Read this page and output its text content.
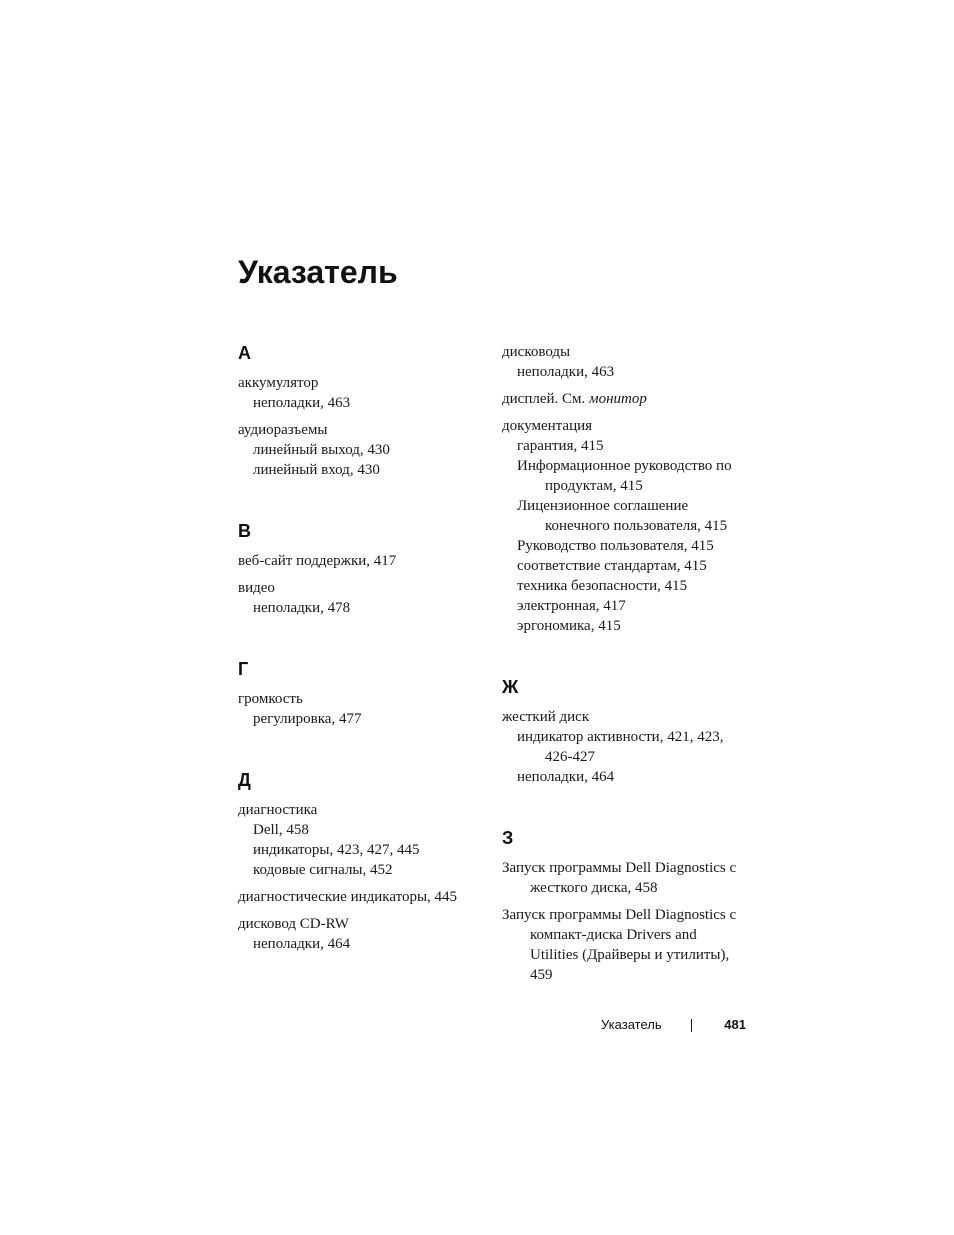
Указатель
А
аккумулятор
неполадки, 463
аудиоразъемы
линейный выход, 430
линейный вход, 430
В
веб-сайт поддержки, 417
видео
неполадки, 478
Г
громкость
регулировка, 477
Д
диагностика
Dell, 458
индикаторы, 423, 427, 445
кодовые сигналы, 452
диагностические индикаторы, 445
дисковод CD-RW
неполадки, 464
дисководы
неполадки, 463
дисплей. См. монитор
документация
гарантия, 415
Информационное руководство по продуктам, 415
Лицензионное соглашение конечного пользователя, 415
Руководство пользователя, 415
соответствие стандартам, 415
техника безопасности, 415
электронная, 417
эргономика, 415
Ж
жесткий диск
индикатор активности, 421, 423, 426-427
неполадки, 464
З
Запуск программы Dell Diagnostics с жесткого диска, 458
Запуск программы Dell Diagnostics с компакт-диска Drivers and Utilities (Драйверы и утилиты), 459
Указатель	481
